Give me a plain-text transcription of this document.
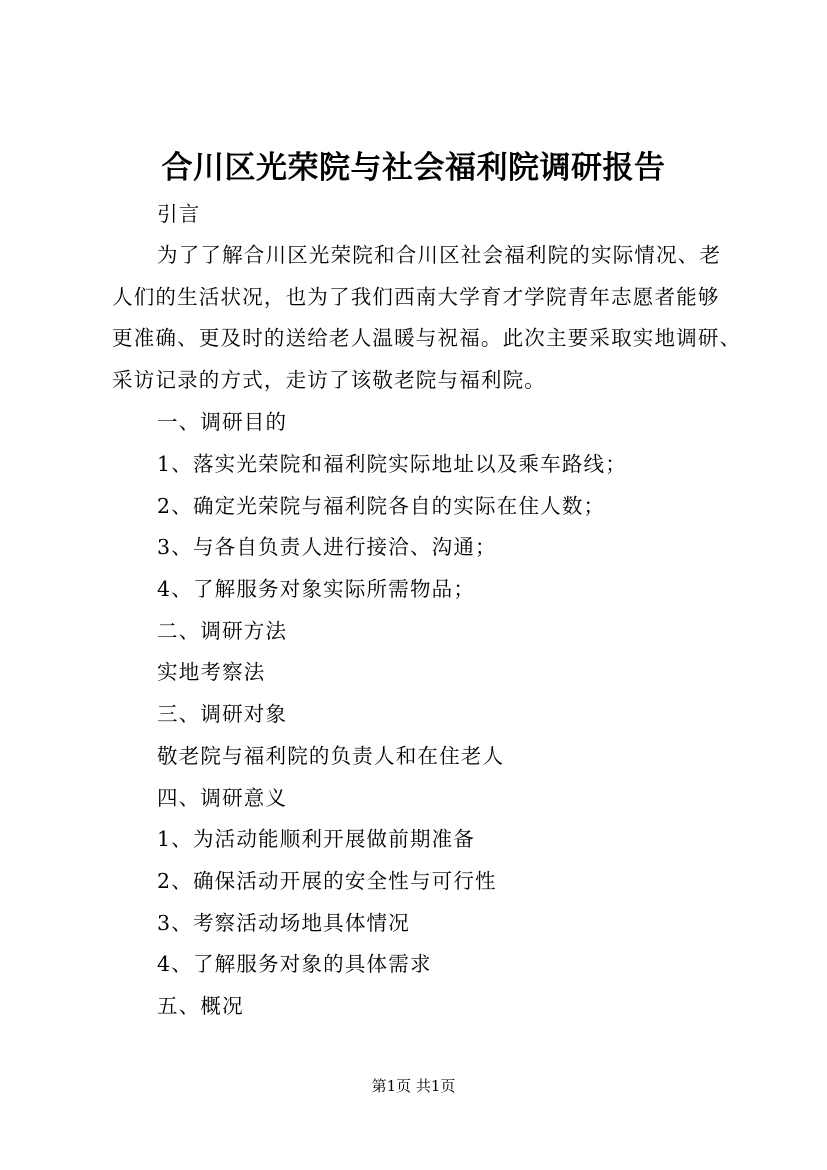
合川区光荣院与社会福利院调研报告
引言
为了了解合川区光荣院和合川区社会福利院的实际情况、老
人们的生活状况，也为了我们西南大学育才学院青年志愿者能够
更准确、更及时的送给老人温暖与祝福。此次主要采取实地调研、
采访记录的方式，走访了该敬老院与福利院。
一、调研目的
1、落实光荣院和福利院实际地址以及乘车路线；
2、确定光荣院与福利院各自的实际在住人数；
3、与各自负责人进行接洽、沟通；
4、了解服务对象实际所需物品；
二、调研方法
实地考察法
三、调研对象
敬老院与福利院的负责人和在住老人
四、调研意义
1、为活动能顺利开展做前期准备
2、确保活动开展的安全性与可行性
3、考察活动场地具体情况
4、了解服务对象的具体需求
五、概况
第1页 共1页
